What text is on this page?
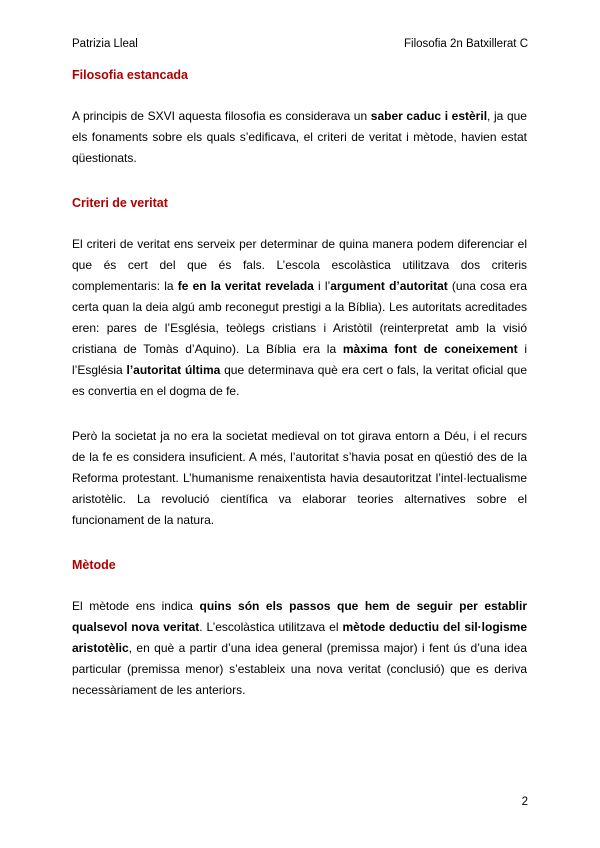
Patrizia Lleal	Filosofia 2n Batxillerat C
Filosofia estancada

A principis de SXVI aquesta filosofia es considerava un saber caduc i estèril, ja que els fonaments sobre els quals s’edificava, el criteri de veritat i mètode, havien estat qüestionats.

Criteri de veritat

El criteri de veritat ens serveix per determinar de quina manera podem diferenciar el que és cert del que és fals. L’escola escolàstica utilitzava dos criteris complementaris: la fe en la veritat revelada i l’argument d’autoritat (una cosa era certa quan la deia algú amb reconegut prestigi a la Bíblia). Les autoritats acreditades eren: pares de l’Església, teòlegs cristians i Aristòtil (reinterpretat amb la visió cristiana de Tomàs d’Aquino). La Bíblia era la màxima font de coneixement i l’Església l’autoritat última que determinava què era cert o fals, la veritat oficial que es convertia en el dogma de fe.

Però la societat ja no era la societat medieval on tot girava entorn a Déu, i el recurs de la fe es considera insuficient. A més, l’autoritat s’havia posat en qüestió des de la Reforma protestant. L’humanisme renaixentista havia desautoritzat l’intel·lectualisme aristotèlic. La revolució científica va elaborar teories alternatives sobre el funcionament de la natura.

Mètode

El mètode ens indica quins són els passos que hem de seguir per establir qualsevol nova veritat. L’escolàstica utilitzava el mètode deductiu del sil·logisme aristotèlic, en què a partir d’una idea general (premissa major) i fent ús d’una idea particular (premissa menor) s’estableix una nova veritat (conclusió) que es deriva necessàriament de les anteriors.

2
